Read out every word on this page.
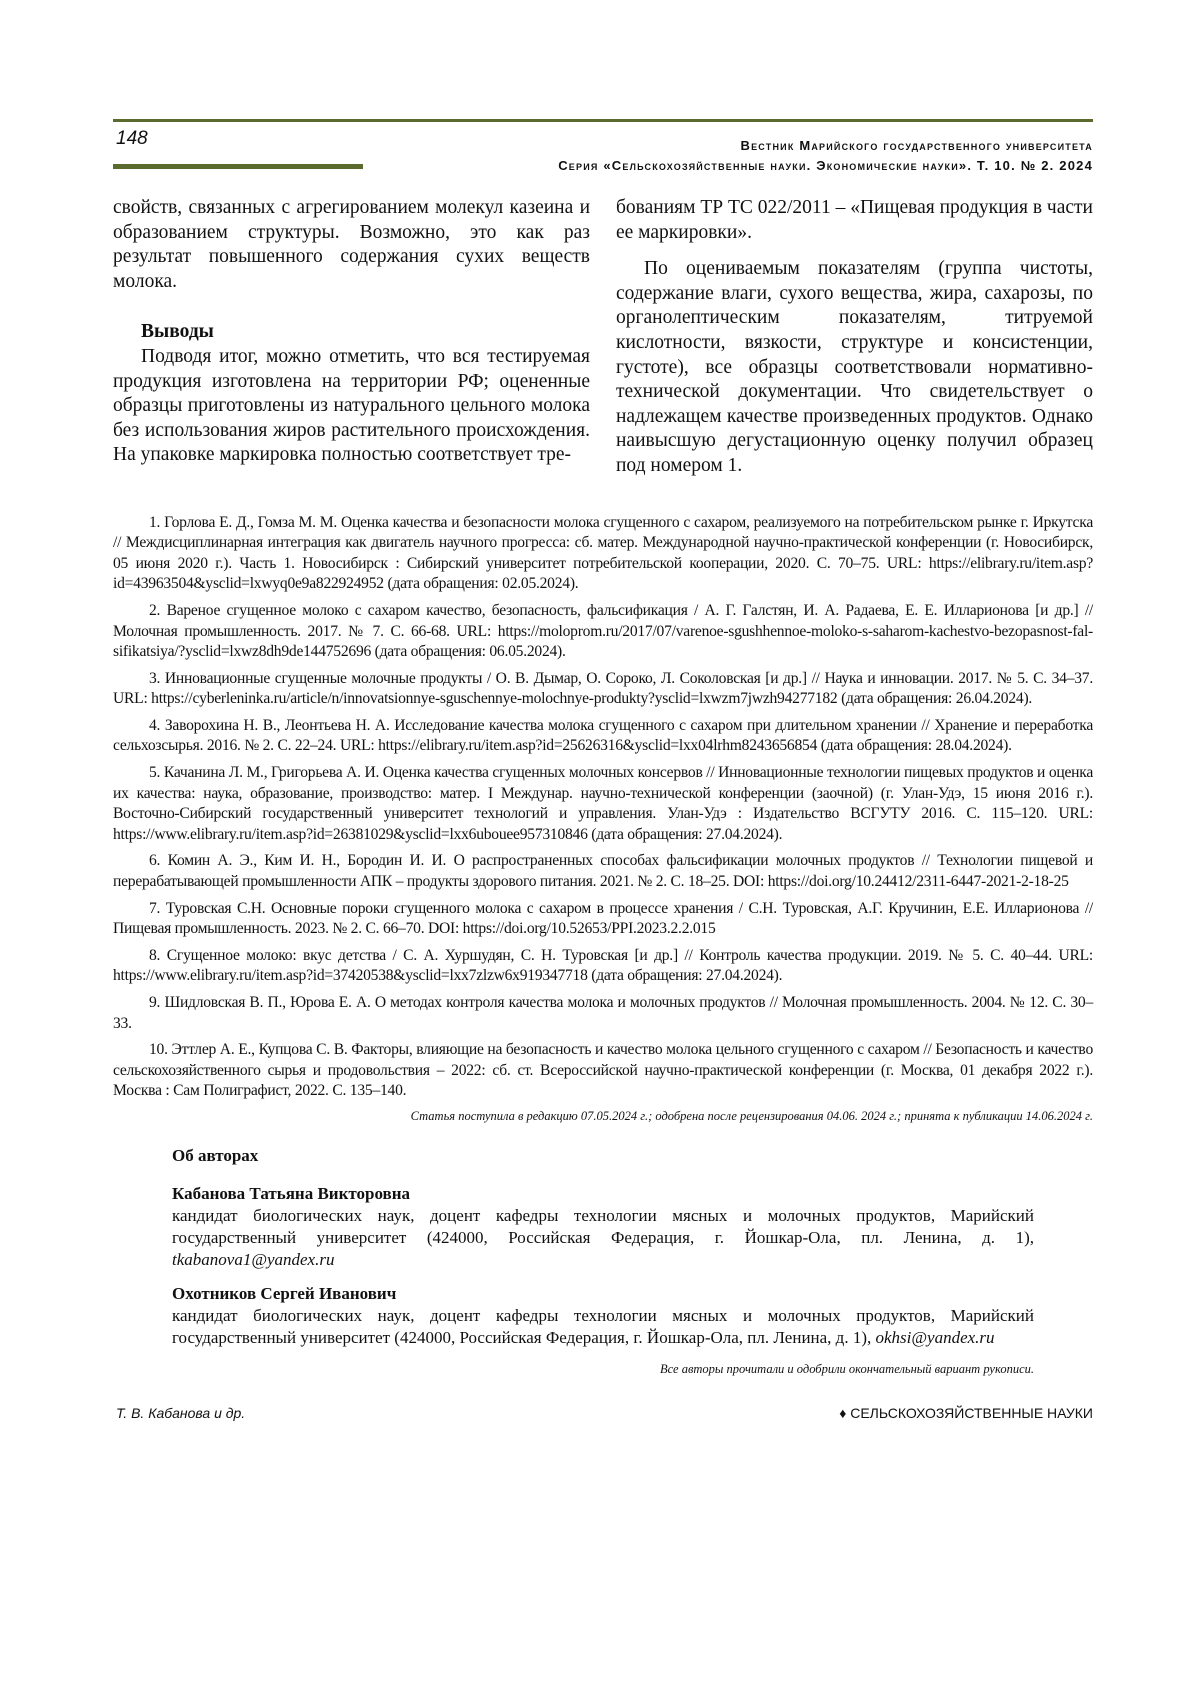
148	Вестник Марийского государственного университета
Серия «Сельскохозяйственные науки. Экономические науки». Т. 10. № 2. 2024

свойств, связанных с агрегированием молекул казеина и образованием структуры. Возможно, это как раз результат повышенного содержания сухих веществ молока.

Выводы

Подводя итог, можно отметить, что вся тестируемая продукция изготовлена на территории РФ; оцененные образцы приготовлены из натурального цельного молока без использования жиров растительного происхождения. На упаковке маркировка полностью соответствует тре-

бованиям ТР ТС 022/2011 – «Пищевая продукция в части ее маркировки».

По оцениваемым показателям (группа чистоты, содержание влаги, сухого вещества, жира, сахарозы, по органолептическим показателям, титруемой кислотности, вязкости, структуре и консистенции, густоте), все образцы соответствовали нормативно-технической документации. Что свидетельствует о надлежащем качестве произведенных продуктов. Однако наивысшую дегустационную оценку получил образец под номером 1.

1. Горлова Е. Д., Гомза М. М. Оценка качества и безопасности молока сгущенного с сахаром, реализуемого на потребительском рынке г. Иркутска // Междисциплинарная интеграция как двигатель научного прогресса: сб. матер. Международной научно-практической конференции (г. Новосибирск, 05 июня 2020 г.). Часть 1. Новосибирск : Сибирский университет потребительской кооперации, 2020. С. 70–75. URL: https://elibrary.ru/item.asp?id=43963504&ysclid=lxwyq0e9a822924952 (дата обращения: 02.05.2024).

2. Вареное сгущенное молоко с сахаром качество, безопасность, фальсификация / А. Г. Галстян, И. А. Радаева, Е. Е. Илларионова [и др.] // Молочная промышленность. 2017. № 7. С. 66-68. URL: https://moloprom.ru/2017/07/varenoe-sgushhennoe-moloko-s-saharom-kachestvo-bezopasnost-fal-sifikatsiya/?ysclid=lxwz8dh9de144752696 (дата обращения: 06.05.2024).

3. Инновационные сгущенные молочные продукты / О. В. Дымар, О. Сороко, Л. Соколовская [и др.] // Наука и инновации. 2017. № 5. С. 34–37. URL: https://cyberleninka.ru/article/n/innovatsionnye-sguschennye-molochnye-produkty?ysclid=lxwzm7jwzh94277182 (дата обращения: 26.04.2024).

4. Заворохина Н. В., Леонтьева Н. А. Исследование качества молока сгущенного с сахаром при длительном хранении // Хранение и переработка сельхозсырья. 2016. № 2. С. 22–24. URL: https://elibrary.ru/item.asp?id=25626316&ysclid=lxx04lrhm8243656854 (дата обращения: 28.04.2024).

5. Качанина Л. М., Григорьева А. И. Оценка качества сгущенных молочных консервов // Инновационные технологии пищевых продуктов и оценка их качества: наука, образование, производство: матер. I Междунар. научно-технической конференции (заочной) (г. Улан-Удэ, 15 июня 2016 г.). Восточно-Сибирский государственный университет технологий и управления. Улан-Удэ : Издательство ВСГУТУ 2016. С. 115–120. URL: https://www.elibrary.ru/item.asp?id=26381029&ysclid=lxx6ubouee957310846 (дата обращения: 27.04.2024).

6. Комин А. Э., Ким И. Н., Бородин И. И. О распространенных способах фальсификации молочных продуктов // Технологии пищевой и перерабатывающей промышленности АПК – продукты здорового питания. 2021. № 2. С. 18–25. DOI: https://doi.org/10.24412/2311-6447-2021-2-18-25

7. Туровская С.Н. Основные пороки сгущенного молока с сахаром в процессе хранения / С.Н. Туровская, А.Г. Кручинин, Е.Е. Илларионова // Пищевая промышленность. 2023. № 2. С. 66–70. DOI: https://doi.org/10.52653/PPI.2023.2.2.015

8. Сгущенное молоко: вкус детства / С. А. Хуршудян, С. Н. Туровская [и др.] // Контроль качества продукции. 2019. № 5. С. 40–44. URL: https://www.elibrary.ru/item.asp?id=37420538&ysclid=lxx7zlzw6x919347718 (дата обращения: 27.04.2024).

9. Шидловская В. П., Юрова Е. А. О методах контроля качества молока и молочных продуктов // Молочная промышленность. 2004. № 12. С. 30–33.

10. Эттлер А. Е., Купцова С. В. Факторы, влияющие на безопасность и качество молока цельного сгущенного с сахаром // Безопасность и качество сельскохозяйственного сырья и продовольствия – 2022: сб. ст. Всероссийской научно-практической конференции (г. Москва, 01 декабря 2022 г.). Москва : Сам Полиграфист, 2022. С. 135–140.

Статья поступила в редакцию 07.05.2024 г.; одобрена после рецензирования 04.06. 2024 г.; принята к публикации 14.06.2024 г.
Об авторах

Кабанова Татьяна Викторовна

кандидат биологических наук, доцент кафедры технологии мясных и молочных продуктов, Марийский государственный университет (424000, Российская Федерация, г. Йошкар-Ола, пл. Ленина, д. 1), tkabanova1@yandex.ru

Охотников Сергей Иванович

кандидат биологических наук, доцент кафедры технологии мясных и молочных продуктов, Марийский государственный университет (424000, Российская Федерация, г. Йошкар-Ола, пл. Ленина, д. 1), okhsi@yandex.ru

Все авторы прочитали и одобрили окончательный вариант рукописи.
Т. В. Кабанова и др.	♦ СЕЛЬСКОХОЗЯЙСТВЕННЫЕ НАУКИ
